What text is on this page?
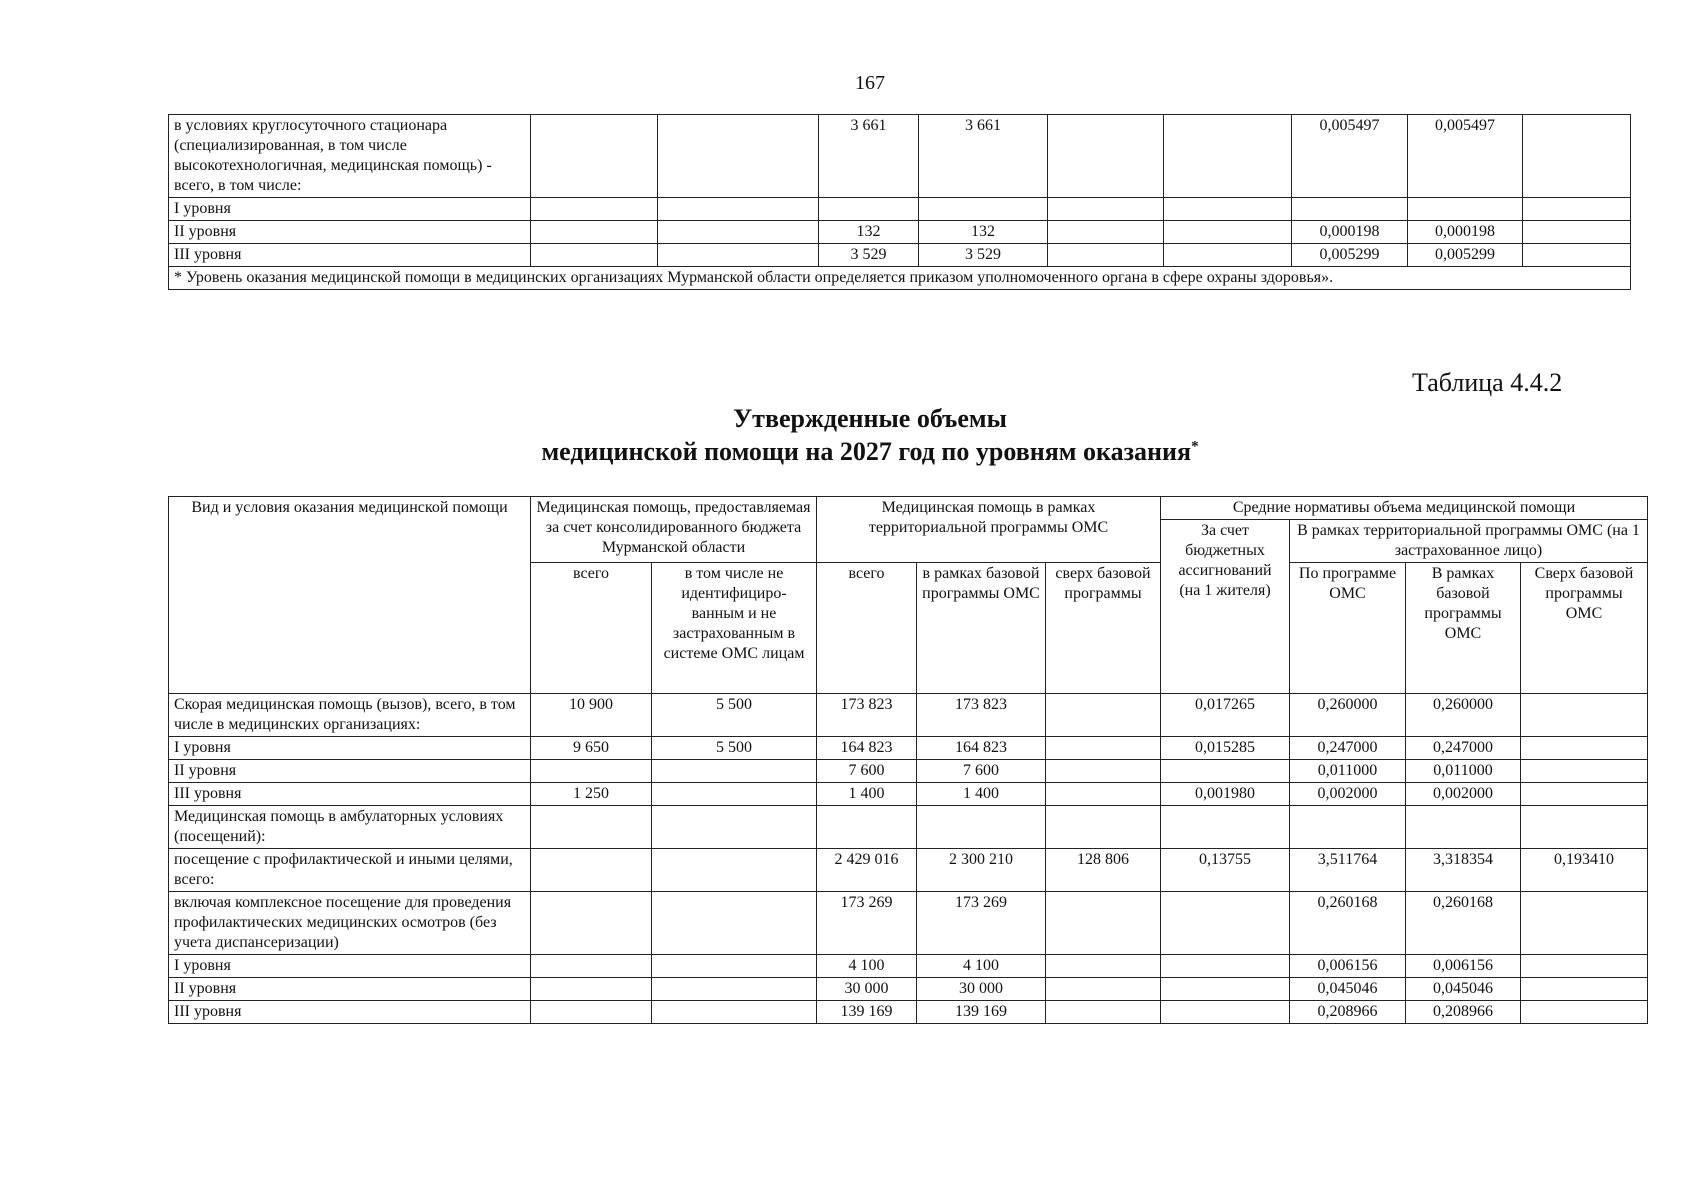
167
в условиях круглосуточного стационара (специализированная, в том числе высокотехнологичная, медицинская помощь) - всего, в том числе:			3 661	3 661			0,005497	0,005497	
I уровня									
II уровня			132	132			0,000198	0,000198	
III уровня			3 529	3 529			0,005299	0,005299	
* Уровень оказания медицинской помощи в медицинских организациях Мурманской области определяется приказом уполномоченного органа в сфере охраны здоровья».									
Таблица 4.4.2
Утвержденные объемы
медицинской помощи на 2027 год по уровням оказания*
Вид и условия оказания медицинской помощи	Медицинская помощь, предоставляемая за счет консолидированного бюджета Мурманской области		Медицинская помощь в рамках территориальной программы ОМС			Средние нормативы объема медицинской помощи			
						За счет бюджетных ассигнований (на 1 жителя)	В рамках территориальной программы ОМС (на 1 застрахованное лицо)		
	всего	в том числе не идентифициро-ванным и не застрахованным в системе ОМС лицам	всего	в рамках базовой программы ОМС	сверх базовой программы		По программе ОМС	В рамках базовой программы ОМС	Сверх базовой программы ОМС
Скорая медицинская помощь (вызов), всего, в том числе в медицинских организациях:	10 900	5 500	173 823	173 823		0,017265	0,260000	0,260000	
I уровня	9 650	5 500	164 823	164 823		0,015285	0,247000	0,247000	
II уровня			7 600	7 600			0,011000	0,011000	
III уровня	1 250		1 400	1 400		0,001980	0,002000	0,002000	
Медицинская помощь в амбулаторных условиях (посещений):									
посещение с профилактической и иными целями, всего:			2 429 016	2 300 210	128 806	0,13755	3,511764	3,318354	0,193410
включая комплексное посещение для проведения профилактических медицинских осмотров (без учета диспансеризации)			173 269	173 269			0,260168	0,260168	
I уровня			4 100	4 100			0,006156	0,006156	
II уровня			30 000	30 000			0,045046	0,045046	
III уровня			139 169	139 169			0,208966	0,208966	
